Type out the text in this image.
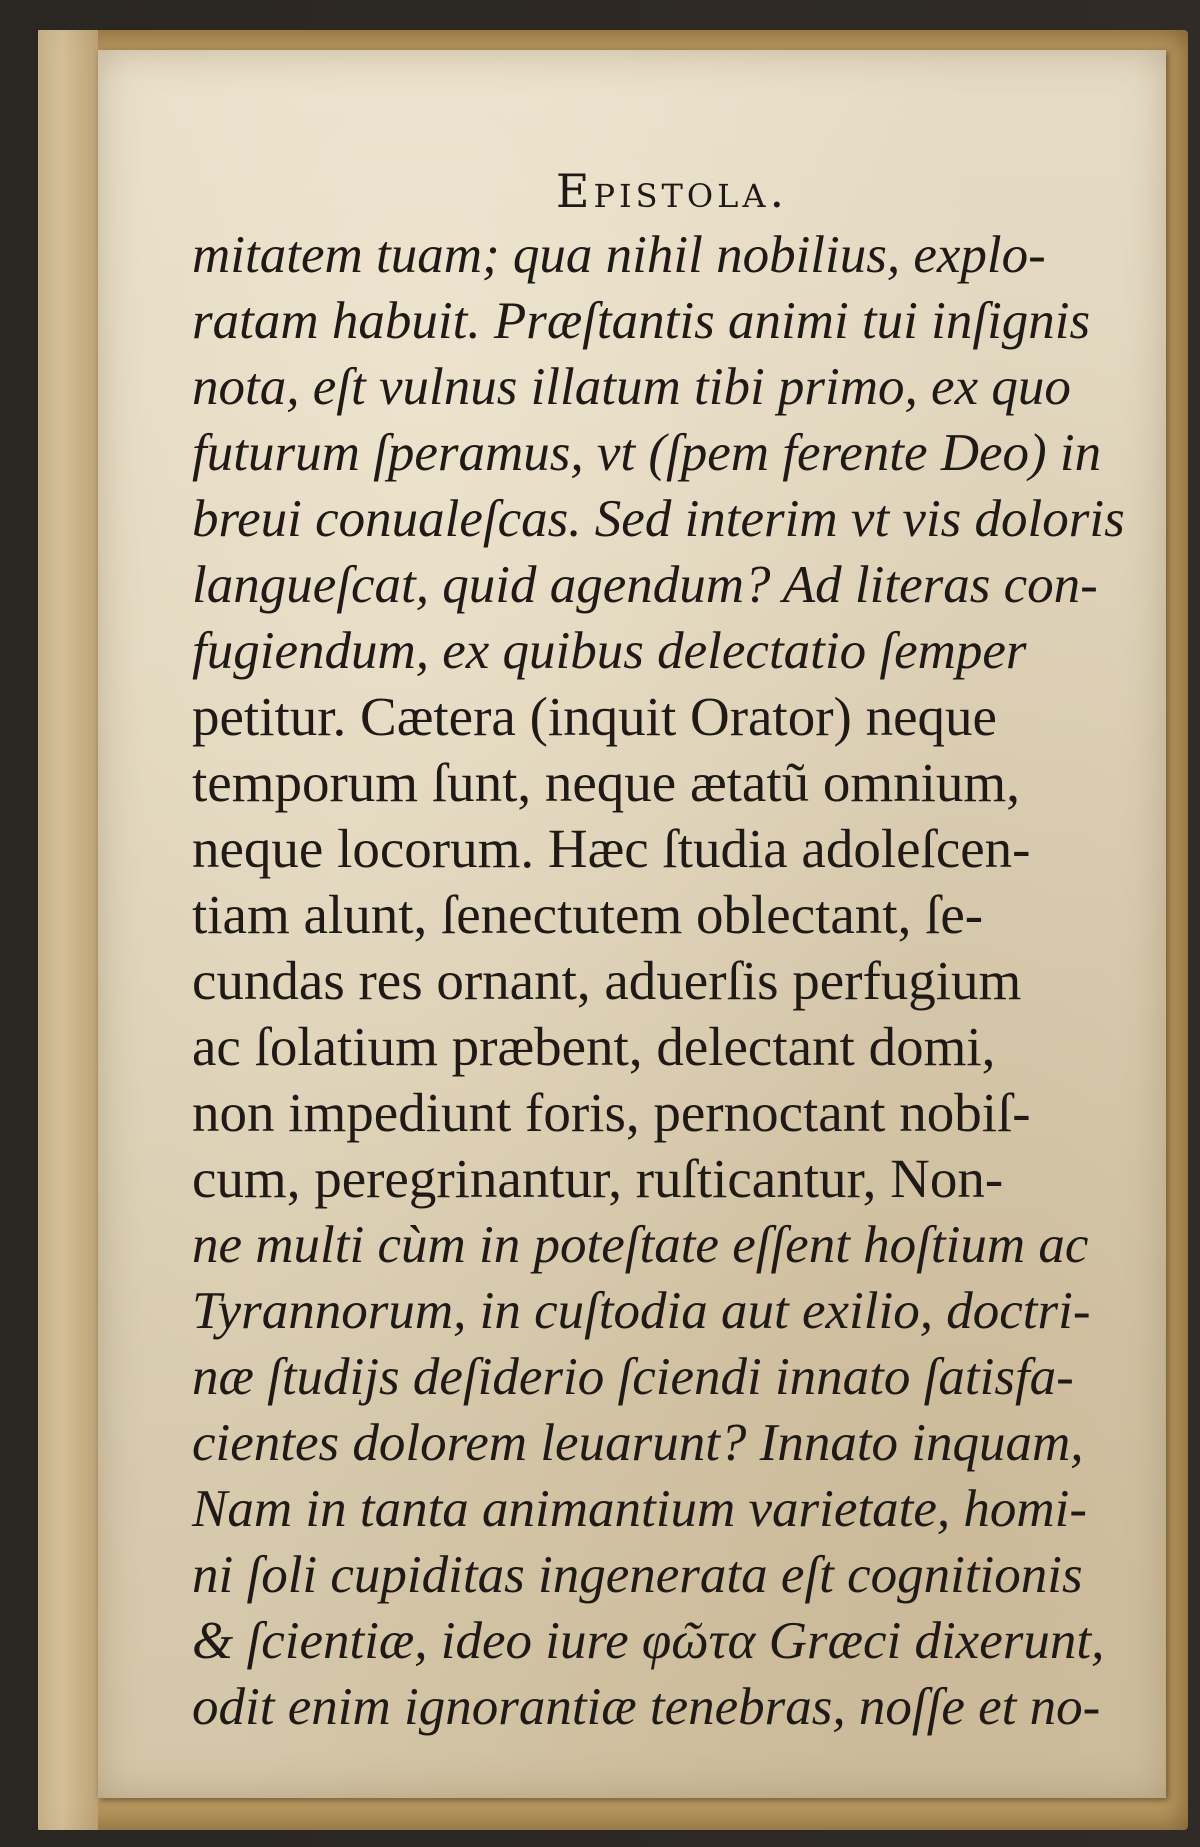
Epistola.
mitatem tuam; qua nihil nobilius, explo-
ratam habuit. Præſtantis animi tui inſignis
nota, eſt vulnus illatum tibi primo, ex quo
futurum ſperamus, vt (ſpem ferente Deo) in
breui conualeſcas. Sed interim vt vis doloris
langueſcat, quid agendum? Ad literas con-
fugiendum, ex quibus delectatio ſemper
petitur. Cætera (inquit Orator) neque
temporum ſunt, neque ætatũ omnium,
neque locorum. Hæc ſtudia adoleſcen-
tiam alunt, ſenectutem oblectant, ſe-
cundas res ornant, aduerſis perfugium
ac ſolatium præbent, delectant domi,
non impediunt foris, pernoctant nobiſ-
cum, peregrinantur, ruſticantur, Non-
ne multi cùm in poteſtate eſſent hoſtium ac
Tyrannorum, in cuſtodia aut exilio, doctri-
næ ſtudijs deſiderio ſciendi innato ſatisfa-
cientes dolorem leuarunt? Innato inquam,
Nam in tanta animantium varietate, homi-
ni ſoli cupiditas ingenerata eſt cognitionis
& ſcientiæ, ideo iure φῶτα Græci dixerunt,
odit enim ignorantiæ tenebras, noſſe et no-
